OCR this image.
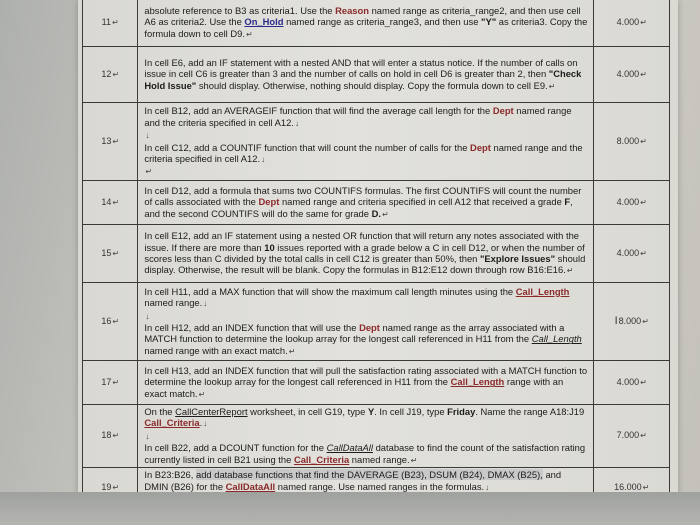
11↵	absolute reference to B3 as criteria1. Use the Reason named range as criteria_range2, and then use cell A6 as criteria2. Use the On_Hold named range as criteria_range3, and then use "Y" as criteria3. Copy the formula down to cell D9.↵	4.000↵
12↵	In cell E6, add an IF statement with a nested AND that will enter a status notice. If the number of calls on issue in cell C6 is greater than 3 and the number of calls on hold in cell D6 is greater than 2, then "Check Hold Issue" should display. Otherwise, nothing should display. Copy the formula down to cell E9.↵	4.000↵
13↵	In cell B12, add an AVERAGEIF function that will find the average call length for the Dept named range and the criteria specified in cell A12.↓
↓
In cell C12, add a COUNTIF function that will count the number of calls for the Dept named range and the criteria specified in cell A12.↓
↵	8.000↵
14↵	In cell D12, add a formula that sums two COUNTIFS formulas. The first COUNTIFS will count the number of calls associated with the Dept named range and criteria specified in cell A12 that received a grade F, and the second COUNTIFS will do the same for grade D.↵	4.000↵
15↵	In cell E12, add an IF statement using a nested OR function that will return any notes associated with the issue. If there are more than 10 issues reported with a grade below a C in cell D12, or when the number of scores less than C divided by the total calls in cell C12 is greater than 50%, then "Explore Issues" should display. Otherwise, the result will be blank. Copy the formulas in B12:E12 down through row B16:E16.↵	4.000↵
16↵	In cell H11, add a MAX function that will show the maximum call length minutes using the Call_Length named range.↓
↓
In cell H12, add an INDEX function that will use the Dept named range as the array associated with a MATCH function to determine the lookup array for the longest call referenced in H11 from the Call_Length named range with an exact match.↵	I8.000↵
17↵	In cell H13, add an INDEX function that will pull the satisfaction rating associated with a MATCH function to determine the lookup array for the longest call referenced in H11 from the Call_Length range with an exact match.↵	4.000↵
18↵	On the CallCenterReport worksheet, in cell G19, type Y. In cell J19, type Friday. Name the range A18:J19 Call_Criteria.↓
↓
In cell B22, add a DCOUNT function for the CallDataAll database to find the count of the satisfaction rating currently listed in cell B21 using the Call_Criteria named range.↵	7.000↵
19↵	In B23:B26, add database functions that find the DAVERAGE (B23), DSUM (B24), DMAX (B25), and DMIN (B26) for the CallDataAll named range. Use named ranges in the formulas.↓	16.000↵
